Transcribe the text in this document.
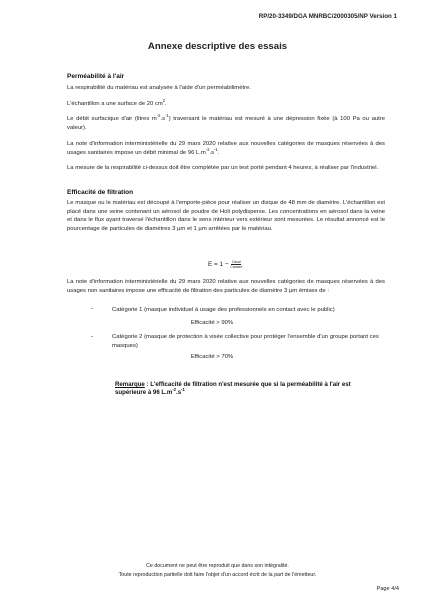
RP/20-3349/DGA MNRBC/2000305/NP Version 1
Annexe descriptive des essais
Perméabilité à l'air
La respirabilité du matériau est analysée à l'aide d'un perméabilimètre.
L'échantillon a une surface de 20 $cm^2$.
Le débit surfacique d'air (litres $m^{-2}.s^{-1}$) traversant le matériau est mesuré à une dépression fixée (à 100 Pa ou autre valeur).
La note d'information interministérielle du 29 mars 2020 relative aux nouvelles catégories de masques réservées à des usages sanitaires impose un débit minimal de 96 $L.m^{-2}.s^{-1}$.
La mesure de la respirabilité ci-dessus doit être complétée par un test porté pendant 4 heures, à réaliser par l'industriel.
Efficacité de filtration
Le masque ou le matériau est découpé à l'emporte-pièce pour réaliser un disque de 48 mm de diamètre. L'échantillon est placé dans une veine contenant un aérosol de poudre de Holi polydisperse. Les concentrations en aérosol dans la veine et dans le flux ayant traversé l'échantillon dans le sens intérieur vers extérieur sont mesurées. Le résultat annoncé est le pourcentage de particules de diamètres 3 µm et 1 µm arrêtées par le matériau.
$E = 1 - \frac{\text{Caval}}{\text{Camont}}$
La note d'information interministérielle du 29 mars 2020 relative aux nouvelles catégories de masques réservées à des usages non sanitaires impose une efficacité de filtration des particules de diamètre 3 µm émises de :
-	Catégorie 1 (masque individuel à usage des professionnels en contact avec le public)
Efficacité > 90%
-	Catégorie 2 (masque de protection à visée collective pour protéger l'ensemble d'un groupe portant ces masques)
Efficacité > 70%
Remarque : L'efficacité de filtration n'est mesurée que si la perméabilité à l'air est supérieure à 96 $L.m^{-2}.s^{-1}$
Ce document ne peut être reproduit que dans son intégralité.
Toute reproduction partielle doit faire l'objet d'un accord écrit de la part de l'émetteur.
Page 4/4
